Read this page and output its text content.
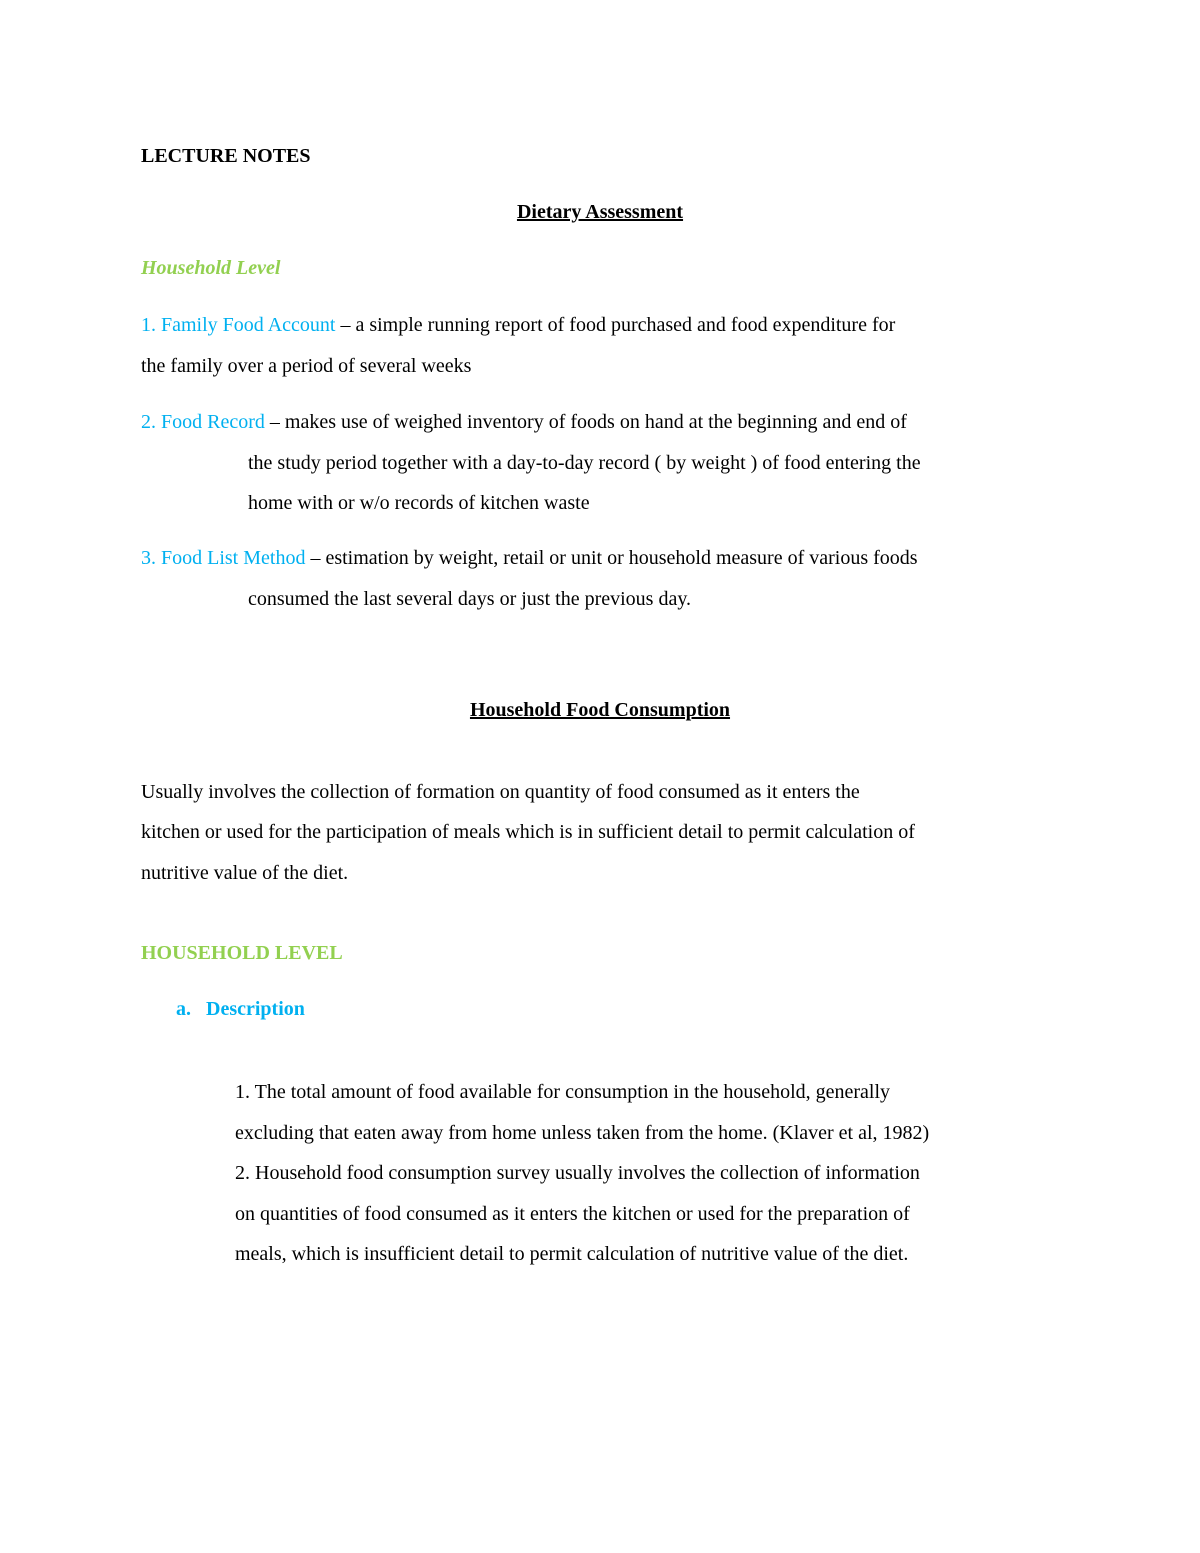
LECTURE NOTES
Dietary Assessment
Household Level
1. Family Food Account – a simple running report of food purchased and food expenditure for
the family over a period of several weeks
2. Food Record – makes use of weighed inventory of foods on hand at the beginning and end of
the study period together with a day-to-day record ( by weight ) of food entering the
home with or w/o records of kitchen waste
3. Food List Method – estimation by weight, retail or unit or household measure of various foods
consumed the last several days or just the previous day.
Household Food Consumption
Usually involves the collection of formation on quantity of food consumed as it enters the
kitchen or used for the participation of meals which is in sufficient detail to permit calculation of
nutritive value of the diet.
HOUSEHOLD LEVEL
a.   Description
1. The total amount of food available for consumption in the household, generally
excluding that eaten away from home unless taken from the home. (Klaver et al, 1982)
2. Household food consumption survey usually involves the collection of information
on quantities of food consumed as it enters the kitchen or used for the preparation of
meals, which is insufficient detail to permit calculation of nutritive value of the diet.
